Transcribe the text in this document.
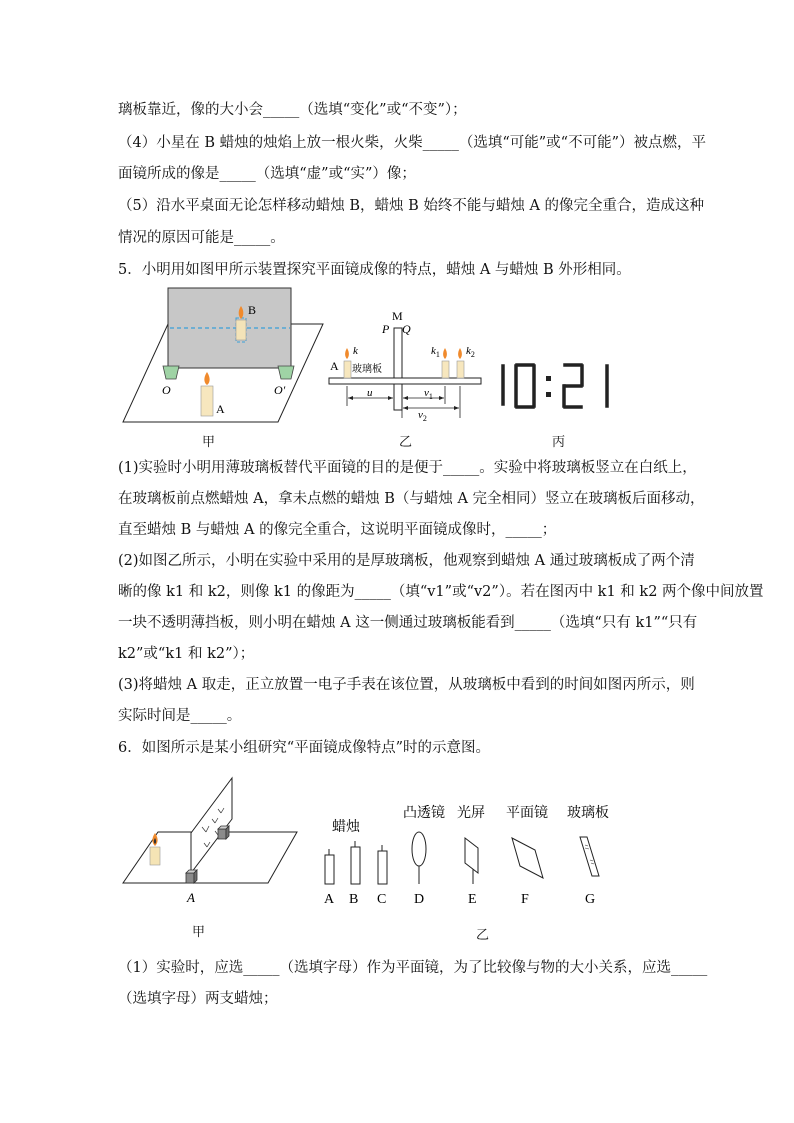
璃板靠近，像的大小会_____（选填“变化”或“不变”）；
（4）小星在 B 蜡烛的烛焰上放一根火柴，火柴_____（选填“可能”或“不可能”）被点燃，平
面镜所成的像是_____（选填“虚”或“实”）像；
（5）沿水平桌面无论怎样移动蜡烛 B，蜡烛 B 始终不能与蜡烛 A 的像完全重合，造成这种
情况的原因可能是_____。
5．小明用如图甲所示装置探究平面镜成像的特点，蜡烛 A 与蜡烛 B 外形相同。
B
O	O′
A
甲
M
P Q
A
k
玻璃板
$k_1$ $k_2$
u	$v_1$
$v_2$
乙	丙
(1)实验时小明用薄玻璃板替代平面镜的目的是便于_____。实验中将玻璃板竖立在白纸上，
在玻璃板前点燃蜡烛 A，拿未点燃的蜡烛 B（与蜡烛 A 完全相同）竖立在玻璃板后面移动，
直至蜡烛 B 与蜡烛 A 的像完全重合，这说明平面镜成像时，_____；
(2)如图乙所示，小明在实验中采用的是厚玻璃板，他观察到蜡烛 A 通过玻璃板成了两个清
晰的像 k1 和 k2，则像 k1 的像距为_____（填“v1”或“v2”）。若在图丙中 k1 和 k2 两个像中间放置
一块不透明薄挡板，则小明在蜡烛 A 这一侧通过玻璃板能看到_____（选填“只有 k1”“只有
k2”或“k1 和 k2”）；
(3)将蜡烛 A 取走，正立放置一电子手表在该位置，从玻璃板中看到的时间如图丙所示，则
实际时间是_____。
6．如图所示是某小组研究“平面镜成像特点”时的示意图。
A
甲
蜡烛
凸透镜 光屏 平面镜 玻璃板
A B C D	E	F	G
乙
（1）实验时，应选_____（选填字母）作为平面镜，为了比较像与物的大小关系，应选_____
（选填字母）两支蜡烛；
